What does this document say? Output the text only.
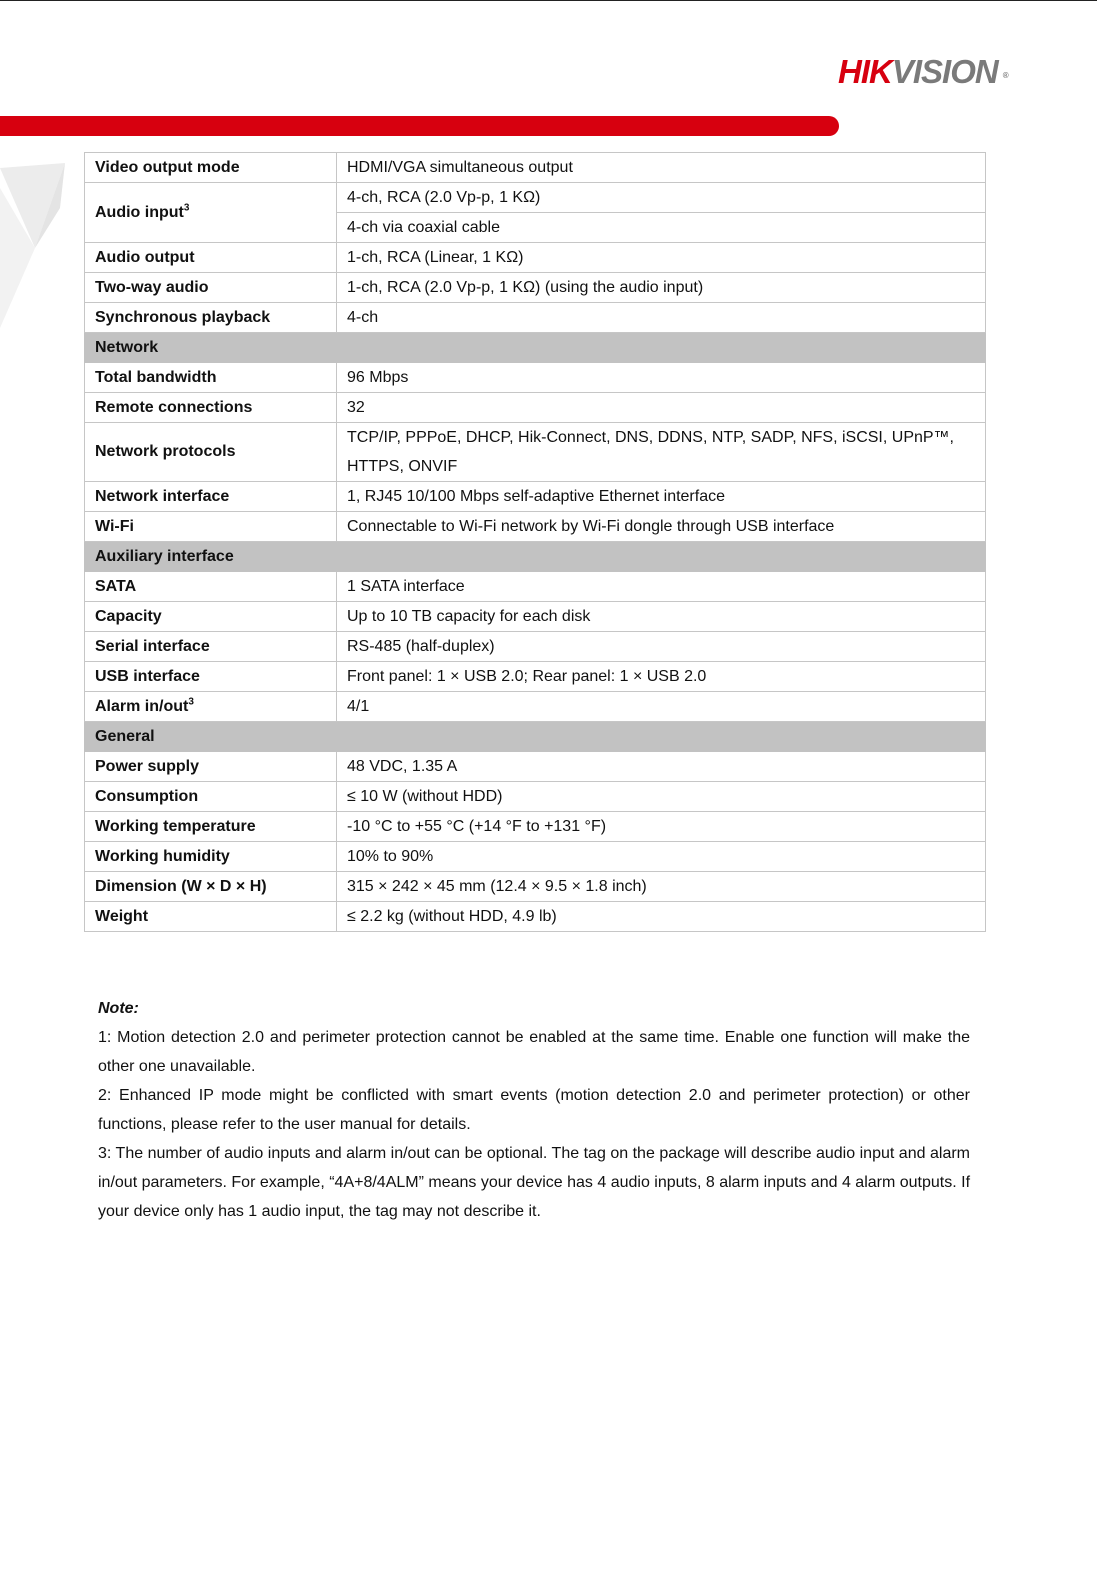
HIKVISION ®
Video output mode	HDMI/VGA simultaneous output
Audio input$^3$	4-ch, RCA (2.0 Vp-p, 1 KΩ)
	4-ch via coaxial cable
Audio output	1-ch, RCA (Linear, 1 KΩ)
Two-way audio	1-ch, RCA (2.0 Vp-p, 1 KΩ) (using the audio input)
Synchronous playback	4-ch
Network	
Total bandwidth	96 Mbps
Remote connections	32
Network protocols	TCP/IP, PPPoE, DHCP, Hik-Connect, DNS, DDNS, NTP, SADP, NFS, iSCSI, UPnP™, HTTPS, ONVIF
Network interface	1, RJ45 10/100 Mbps self-adaptive Ethernet interface
Wi-Fi	Connectable to Wi-Fi network by Wi-Fi dongle through USB interface
Auxiliary interface	
SATA	1 SATA interface
Capacity	Up to 10 TB capacity for each disk
Serial interface	RS-485 (half-duplex)
USB interface	Front panel: 1 × USB 2.0; Rear panel: 1 × USB 2.0
Alarm in/out$^3$	4/1
General	
Power supply	48 VDC, 1.35 A
Consumption	≤ 10 W (without HDD)
Working temperature	-10 °C to +55 °C (+14 °F to +131 °F)
Working humidity	10% to 90%
Dimension (W × D × H)	315 × 242 × 45 mm (12.4 × 9.5 × 1.8 inch)
Weight	≤ 2.2 kg (without HDD, 4.9 lb)
Note:

1: Motion detection 2.0 and perimeter protection cannot be enabled at the same time. Enable one function will make the other one unavailable.

2: Enhanced IP mode might be conflicted with smart events (motion detection 2.0 and perimeter protection) or other functions, please refer to the user manual for details.

3: The number of audio inputs and alarm in/out can be optional. The tag on the package will describe audio input and alarm in/out parameters. For example, “4A+8/4ALM” means your device has 4 audio inputs, 8 alarm inputs and 4 alarm outputs. If your device only has 1 audio input, the tag may not describe it.
